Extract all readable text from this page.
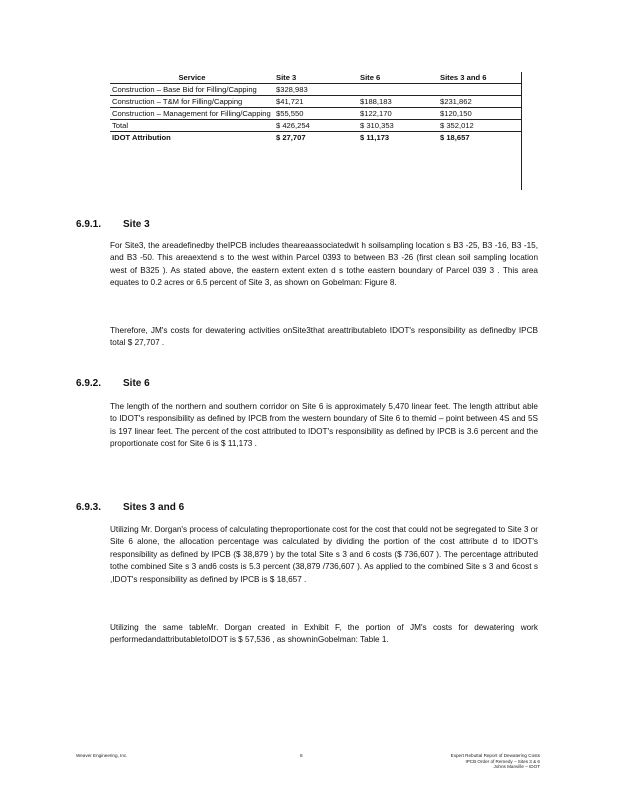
Service	Site 3	Site 6	Sites 3 and 6
Construction – Base Bid for Filling/Capping	$328,983		
Construction – T&M for Filling/Capping	$41,721	$188,183	$231,862
Construction – Management for Filling/Capping	$55,550	$122,170	$120,150
Total	$ 426,254	$ 310,353	$ 352,012
IDOT Attribution	$ 27,707	$ 11,173	$ 18,657
6.9.1. Site 3

For Site3, the areadefinedby theIPCB includes theareaassociatedwit h soilsampling location s B3 -25, B3 -16, B3 -15, and B3 -50. This areaextend s to the west within Parcel 0393 to between B3 -26 (first clean soil sampling location west of B325 ). As stated above, the eastern extent exten d s tothe eastern boundary of Parcel 039 3 . This area equates to 0.2 acres or 6.5 percent of Site 3, as shown on Gobelman: Figure 8.

Therefore, JM's costs for dewatering activities onSite3that areattributableto IDOT's responsibility as definedby IPCB total $ 27,707 .

6.9.2. Site 6

The length of the northern and southern corridor on Site 6 is approximately 5,470 linear feet. The length attribut able to IDOT's responsibility as defined by IPCB from the western boundary of Site 6 to themid – point between 4S and 5S is 197 linear feet. The percent of the cost attributed to IDOT's responsibility as defined by IPCB is 3.6 percent and the proportionate cost for Site 6 is $ 11,173 .

6.9.3. Sites 3 and 6

Utilizing Mr. Dorgan's process of calculating theproportionate cost for the cost that could not be segregated to Site 3 or Site 6 alone, the allocation percentage was calculated by dividing the portion of the cost attribute d to IDOT's responsibility as defined by IPCB ($ 38,879 ) by the total Site s 3 and 6 costs ($ 736,607 ). The percentage attributed tothe combined Site s 3 and6 costs is 5.3 percent (38,879 /736,607 ). As applied to the combined Site s 3 and 6cost s ,IDOT's responsibility as defined by IPCB is $ 18,657 .

Utilizing the same tableMr. Dorgan created in Exhibit F, the portion of JM's costs for dewatering work performedandattributabletoIDOT is $ 57,536 , as showninGobelman: Table 1.

Weaver Engineering, Inc.	8	Expert Rebuttal Report of Dewatering Costs
IPCB Order of Remedy – Sites 3 & 6
Johns Manville – IDOT
